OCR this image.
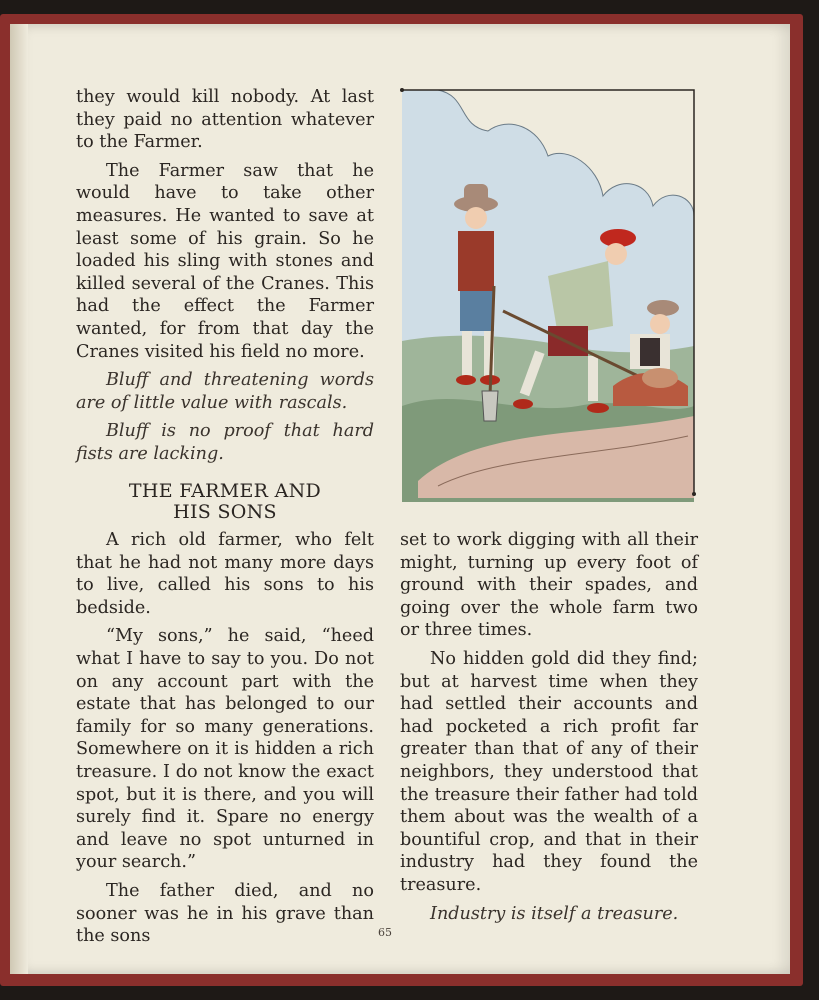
they would kill nobody. At last they paid no attention whatever to the Farmer.

The Farmer saw that he would have to take other measures. He wanted to save at least some of his grain. So he loaded his sling with stones and killed several of the Cranes. This had the effect the Farmer wanted, for from that day the Cranes visited his field no more.

Bluff and threatening words are of little value with rascals.

Bluff is no proof that hard fists are lacking.

THE FARMER AND
HIS SONS

A rich old farmer, who felt that he had not many more days to live, called his sons to his bedside.

“My sons,” he said, “heed what I have to say to you. Do not on any account part with the estate that has belonged to our family for so many generations. Somewhere on it is hidden a rich treasure. I do not know the exact spot, but it is there, and you will surely find it. Spare no energy and leave no spot unturned in your search.”

The father died, and no sooner was he in his grave than the sons

set to work digging with all their might, turning up every foot of ground with their spades, and going over the whole farm two or three times.

No hidden gold did they find; but at harvest time when they had settled their accounts and had pocketed a rich profit far greater than that of any of their neighbors, they understood that the treasure their father had told them about was the wealth of a bountiful crop, and that in their industry had they found the treasure.

Industry is itself a treasure.

65
